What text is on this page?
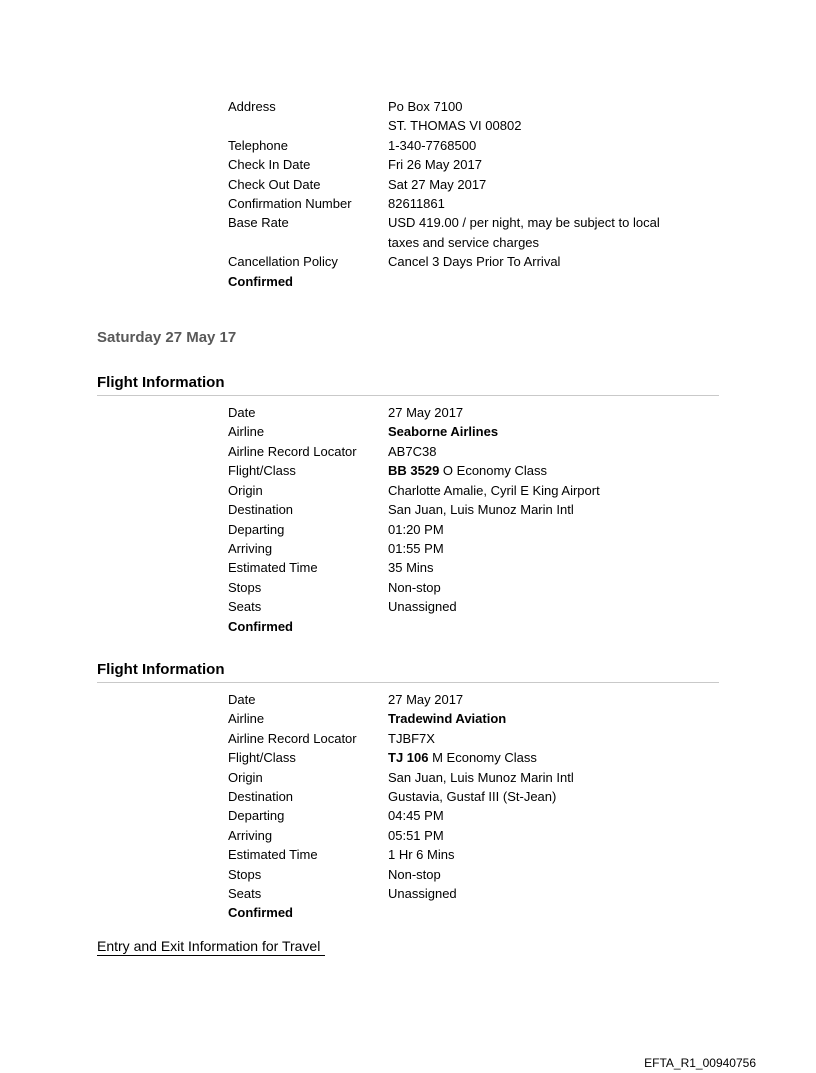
Address	Po Box 7100
ST. THOMAS VI 00802
Telephone	1-340-7768500
Check In Date	Fri 26 May 2017
Check Out Date	Sat 27 May 2017
Confirmation Number	82611861
Base Rate	USD 419.00 / per night, may be subject to local
taxes and service charges
Cancellation Policy	Cancel 3 Days Prior To Arrival
Confirmed
Saturday 27 May 17
Flight Information
Date	27 May 2017
Airline	Seaborne Airlines
Airline Record Locator	AB7C38
Flight/Class	BB 3529 O Economy Class
Origin	Charlotte Amalie, Cyril E King Airport
Destination	San Juan, Luis Munoz Marin Intl
Departing	01:20 PM
Arriving	01:55 PM
Estimated Time	35 Mins
Stops	Non-stop
Seats	Unassigned
Confirmed
Flight Information
Date	27 May 2017
Airline	Tradewind Aviation
Airline Record Locator	TJBF7X
Flight/Class	TJ 106 M Economy Class
Origin	San Juan, Luis Munoz Marin Intl
Destination	Gustavia, Gustaf III (St-Jean)
Departing	04:45 PM
Arriving	05:51 PM
Estimated Time	1 Hr 6 Mins
Stops	Non-stop
Seats	Unassigned
Confirmed
Entry and Exit Information for Travel
EFTA_R1_00940756
